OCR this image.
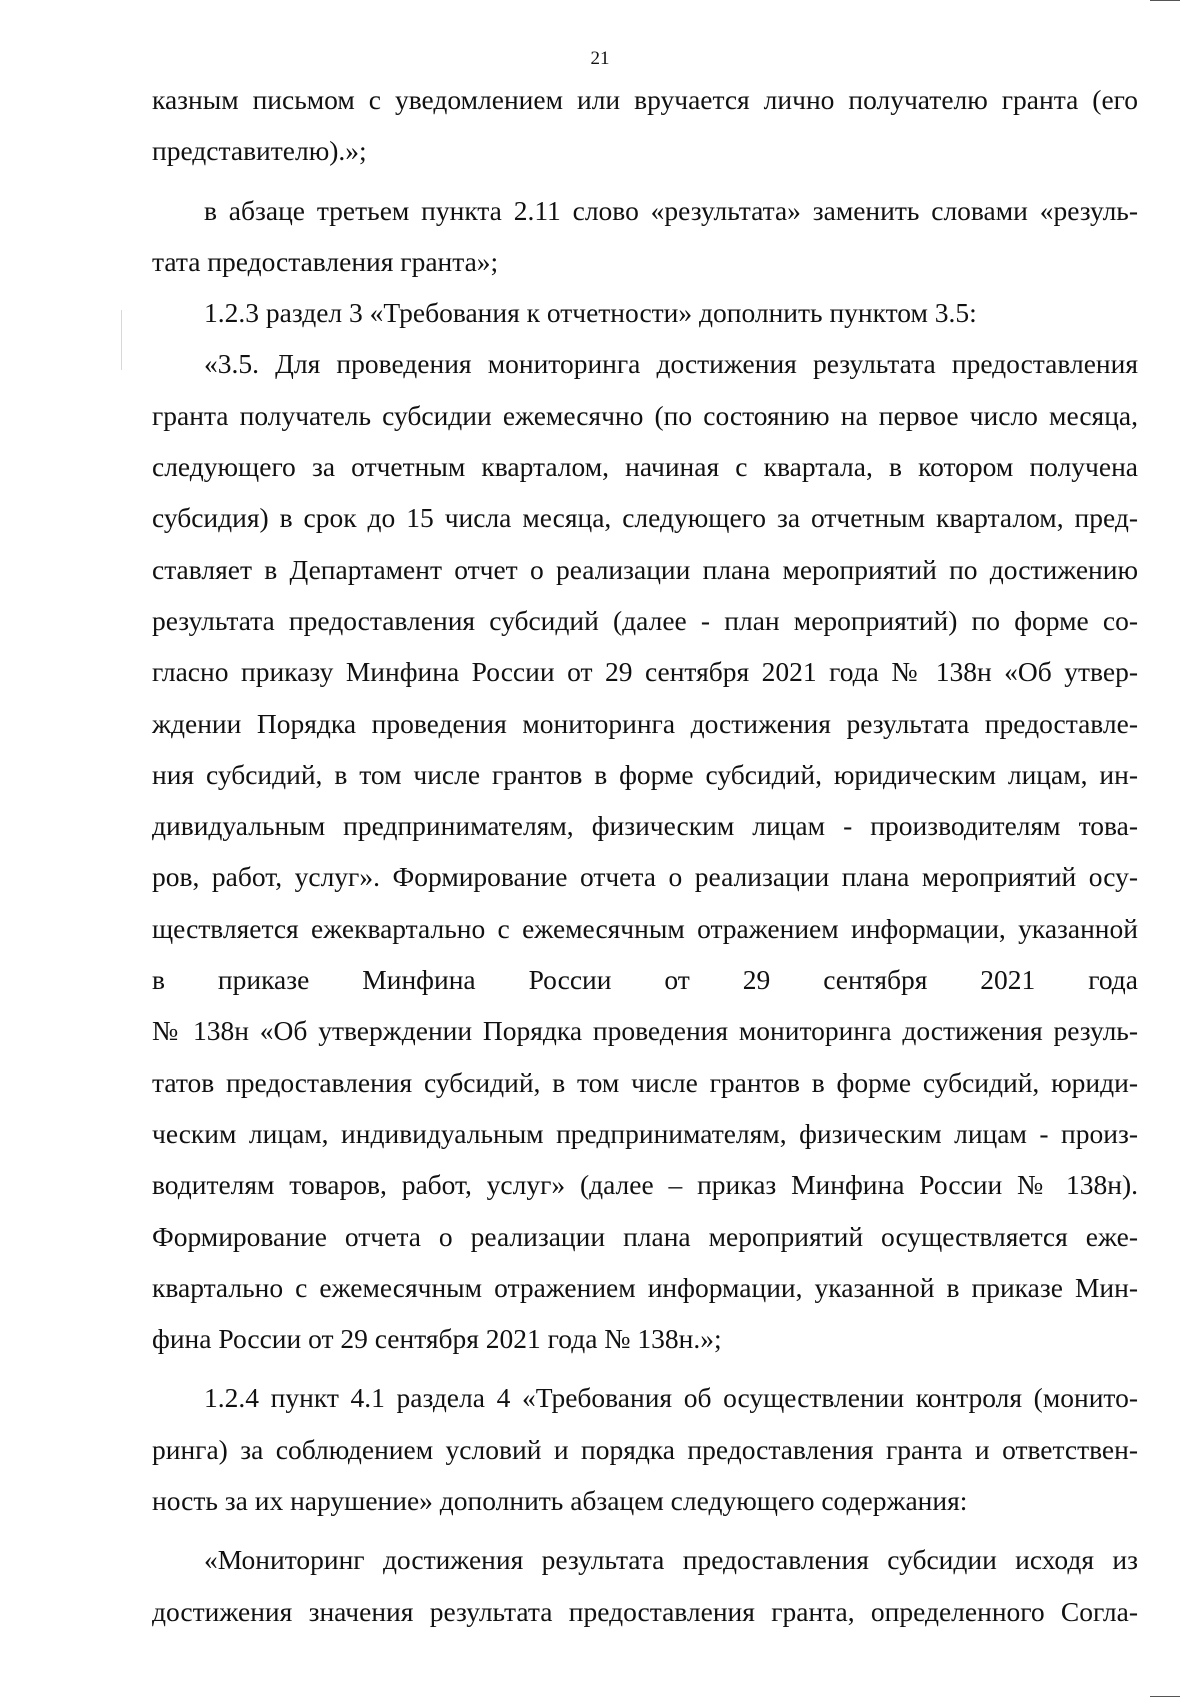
21
казным письмом с уведомлением или вручается лично получателю гранта (его
представителю).»;
в абзаце третьем пункта 2.11 слово «результата» заменить словами «резуль-
тата предоставления гранта»;
1.2.3 раздел 3 «Требования к отчетности» дополнить пунктом 3.5:
«3.5. Для проведения мониторинга достижения результата предоставления
гранта получатель субсидии ежемесячно (по состоянию на первое число месяца,
следующего за отчетным кварталом, начиная с квартала, в котором получена
субсидия) в срок до 15 числа месяца, следующего за отчетным кварталом, пред-
ставляет в Департамент отчет о реализации плана мероприятий по достижению
результата предоставления субсидий (далее - план мероприятий) по форме со-
гласно приказу Минфина России от 29 сентября 2021 года № 138н «Об утвер-
ждении Порядка проведения мониторинга достижения результата предоставле-
ния субсидий, в том числе грантов в форме субсидий, юридическим лицам, ин-
дивидуальным предпринимателям, физическим лицам - производителям това-
ров, работ, услуг». Формирование отчета о реализации плана мероприятий осу-
ществляется ежеквартально с ежемесячным отражением информации, указанной
в приказе Минфина России от 29 сентября 2021 года
№ 138н «Об утверждении Порядка проведения мониторинга достижения резуль-
татов предоставления субсидий, в том числе грантов в форме субсидий, юриди-
ческим лицам, индивидуальным предпринимателям, физическим лицам - произ-
водителям товаров, работ, услуг» (далее – приказ Минфина России № 138н).
Формирование отчета о реализации плана мероприятий осуществляется еже-
квартально с ежемесячным отражением информации, указанной в приказе Мин-
фина России от 29 сентября 2021 года № 138н.»;
1.2.4 пункт 4.1 раздела 4 «Требования об осуществлении контроля (монито-
ринга) за соблюдением условий и порядка предоставления гранта и ответствен-
ность за их нарушение» дополнить абзацем следующего содержания:
«Мониторинг достижения результата предоставления субсидии исходя из
достижения значения результата предоставления гранта, определенного Согла-
